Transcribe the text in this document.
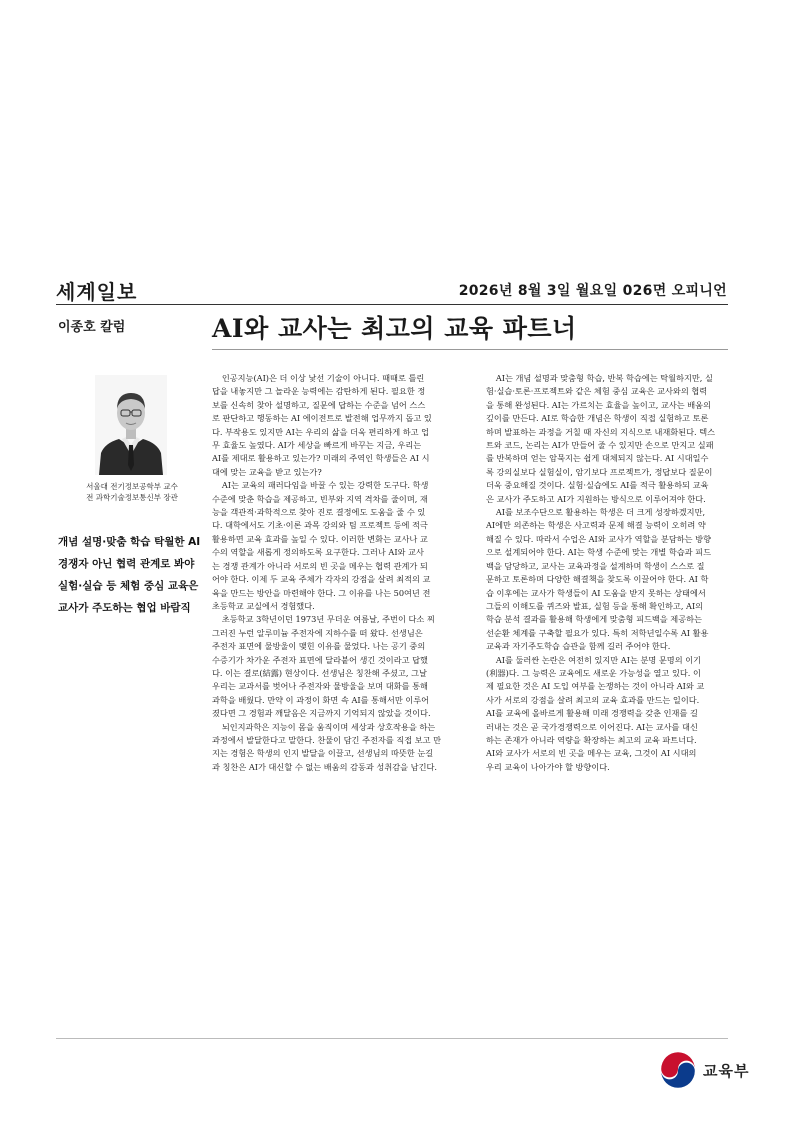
세계일보	2026년 8월 3일 월요일 026면 오피니언
이종호 칼럼	AI와 교사는 최고의 교육 파트너
서울대 전기정보공학부 교수
전 과학기술정보통신부 장관
개념 설명·맞춤 학습 탁월한 AI
경쟁자 아닌 협력 관계로 봐야
실험·실습 등 체험 중심 교육은
교사가 주도하는 협업 바람직

인공지능(AI)은 더 이상 낯선 기술이 아니다. 때때로 틀린
답을 내놓지만 그 놀라운 능력에는 감탄하게 된다. 필요한 정
보를 신속히 찾아 설명하고, 질문에 답하는 수준을 넘어 스스
로 판단하고 행동하는 AI 에이전트로 발전해 업무까지 돕고 있
다. 부작용도 있지만 AI는 우리의 삶을 더욱 편리하게 하고 업
무 효율도 높였다. AI가 세상을 빠르게 바꾸는 지금, 우리는
AI를 제대로 활용하고 있는가? 미래의 주역인 학생들은 AI 시
대에 맞는 교육을 받고 있는가?

AI는 교육의 패러다임을 바꿀 수 있는 강력한 도구다. 학생
수준에 맞춘 학습을 제공하고, 빈부와 지역 격차를 줄이며, 재
능을 객관적·과학적으로 찾아 진로 결정에도 도움을 줄 수 있
다. 대학에서도 기초·이론 과목 강의와 팀 프로젝트 등에 적극
활용하면 교육 효과를 높일 수 있다. 이러한 변화는 교사나 교
수의 역할을 새롭게 정의하도록 요구한다. 그러나 AI와 교사
는 경쟁 관계가 아니라 서로의 빈 곳을 메우는 협력 관계가 되
어야 한다. 이제 두 교육 주체가 각자의 강점을 살려 최적의 교
육을 만드는 방안을 마련해야 한다. 그 이유를 나는 50여년 전
초등학교 교실에서 경험했다.

초등학교 3학년이던 1973년 무더운 여름날, 주번이 다소 찌
그러진 누런 알루미늄 주전자에 지하수를 떠 왔다. 선생님은
주전자 표면에 물방울이 맺힌 이유를 물었다. 나는 공기 중의
수증기가 차가운 주전자 표면에 달라붙어 생긴 것이라고 답했
다. 이는 결로(結露) 현상이다. 선생님은 칭찬해 주셨고, 그날
우리는 교과서를 벗어나 주전자와 물방울을 보며 대화를 통해
과학을 배웠다. 만약 이 과정이 화면 속 AI를 통해서만 이루어
졌다면 그 경험과 깨달음은 지금까지 기억되지 않았을 것이다.

뇌인지과학은 지능이 몸을 움직이며 세상과 상호작용을 하는
과정에서 발달한다고 말한다. 찬물이 담긴 주전자를 직접 보고 만
지는 경험은 학생의 인지 발달을 이끌고, 선생님의 따뜻한 눈길
과 칭찬은 AI가 대신할 수 없는 배움의 감동과 성취감을 남긴다.

AI는 개념 설명과 맞춤형 학습, 반복 학습에는 탁월하지만, 실
험·실습·토론·프로젝트와 같은 체험 중심 교육은 교사와의 협력
을 통해 완성된다. AI는 가르치는 효율을 높이고, 교사는 배움의
깊이를 만든다. AI로 학습한 개념은 학생이 직접 실험하고 토론
하며 발표하는 과정을 거칠 때 자신의 지식으로 내재화된다. 텍스
트와 코드, 논리는 AI가 만들어 줄 수 있지만 손으로 만지고 실패
를 반복하며 얻는 암묵지는 쉽게 대체되지 않는다. AI 시대일수
록 강의실보다 실험실이, 암기보다 프로젝트가, 정답보다 질문이
더욱 중요해질 것이다. 실험·실습에도 AI를 적극 활용하되 교육
은 교사가 주도하고 AI가 지원하는 방식으로 이루어져야 한다.

AI를 보조수단으로 활용하는 학생은 더 크게 성장하겠지만,
AI에만 의존하는 학생은 사고력과 문제 해결 능력이 오히려 약
해질 수 있다. 따라서 수업은 AI와 교사가 역할을 분담하는 방향
으로 설계되어야 한다. AI는 학생 수준에 맞는 개별 학습과 피드
백을 담당하고, 교사는 교육과정을 설계하며 학생이 스스로 질
문하고 토론하며 다양한 해결책을 찾도록 이끌어야 한다. AI 학
습 이후에는 교사가 학생들이 AI 도움을 받지 못하는 상태에서
그들의 이해도를 퀴즈와 발표, 실험 등을 통해 확인하고, AI의
학습 분석 결과를 활용해 학생에게 맞춤형 피드백을 제공하는
선순환 체계를 구축할 필요가 있다. 특히 저학년일수록 AI 활용
교육과 자기주도학습 습관을 함께 길러 주어야 한다.

AI를 둘러싼 논란은 여전히 있지만 AI는 분명 문명의 이기
(利器)다. 그 능력은 교육에도 새로운 가능성을 열고 있다. 이
제 필요한 것은 AI 도입 여부를 논쟁하는 것이 아니라 AI와 교
사가 서로의 강점을 살려 최고의 교육 효과를 만드는 일이다.
AI를 교육에 올바르게 활용해 미래 경쟁력을 갖춘 인재를 길
러내는 것은 곧 국가경쟁력으로 이어진다. AI는 교사를 대신
하는 존재가 아니라 역량을 확장하는 최고의 교육 파트너다.
AI와 교사가 서로의 빈 곳을 메우는 교육, 그것이 AI 시대의
우리 교육이 나아가야 할 방향이다.

교육부
